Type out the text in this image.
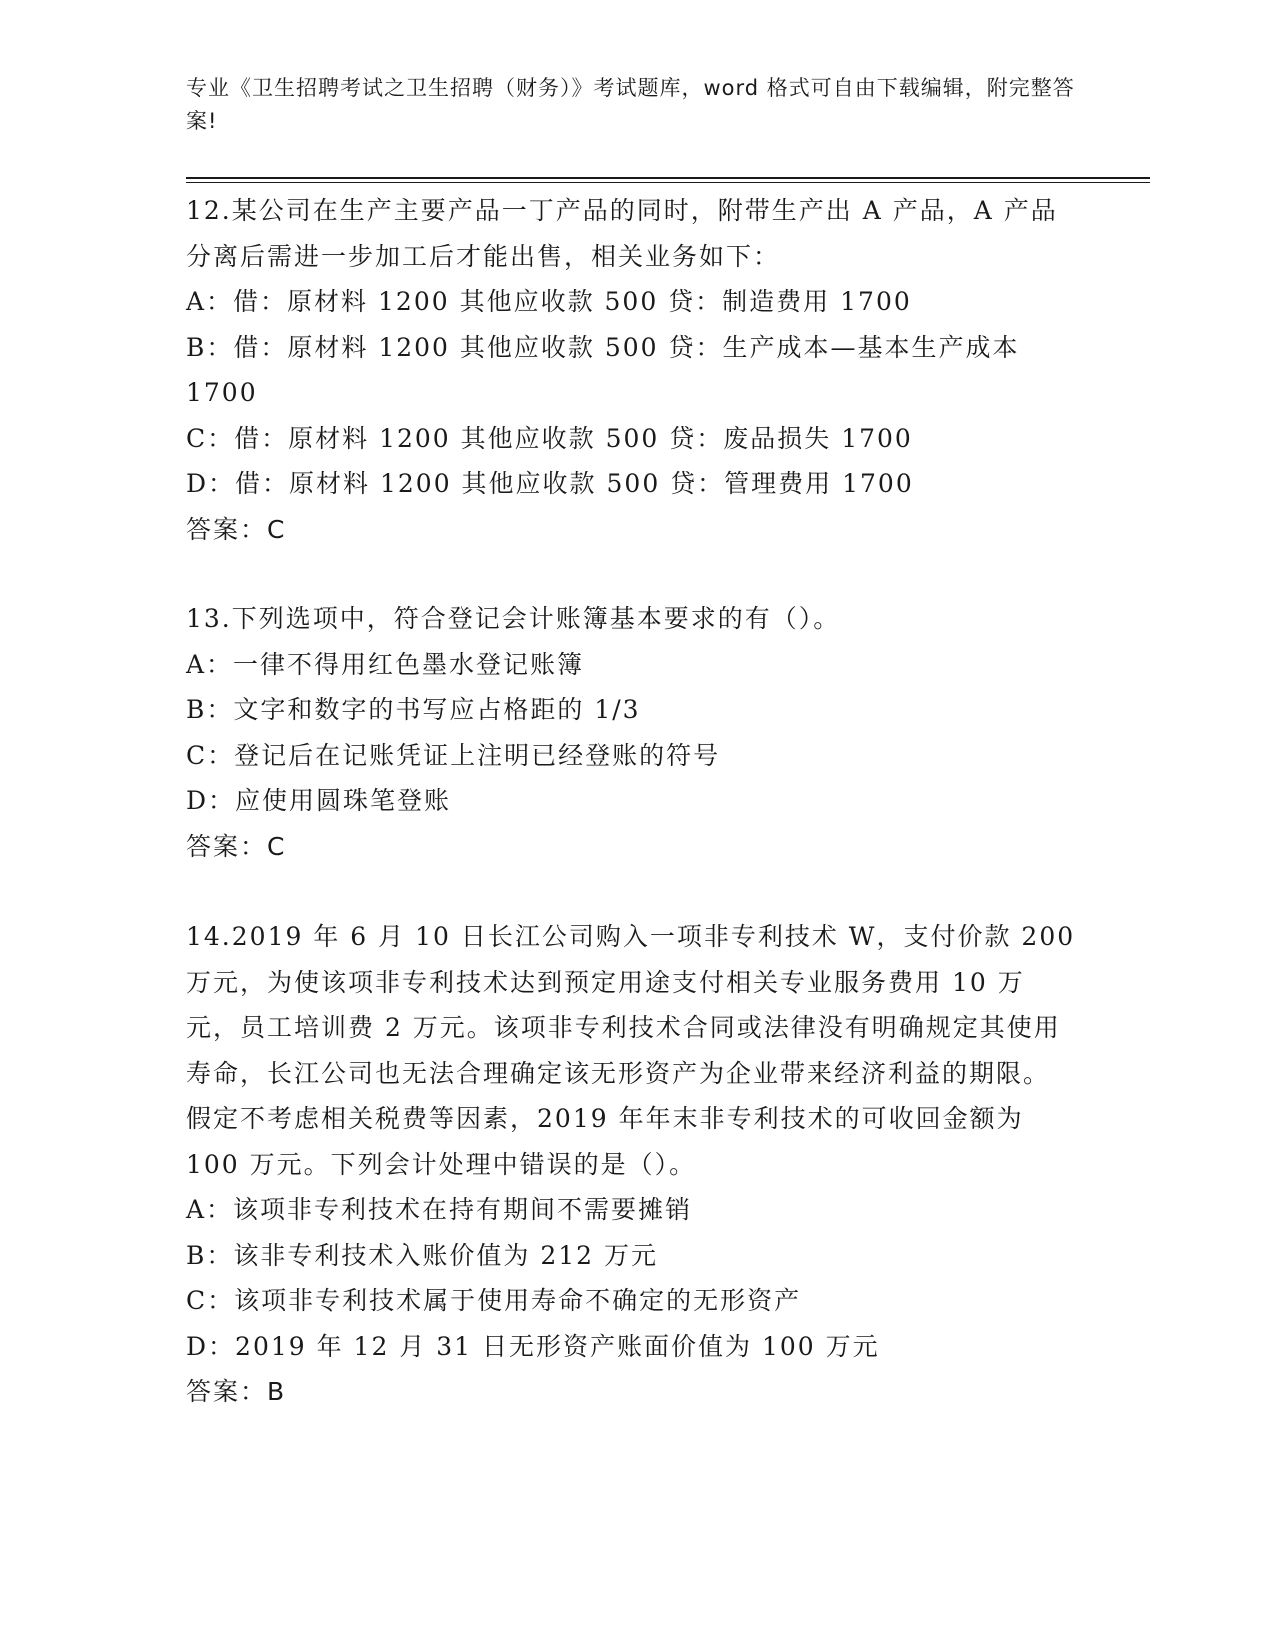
专业《卫生招聘考试之卫生招聘（财务）》考试题库，word 格式可自由下载编辑，附完整答案!

12.某公司在生产主要产品一丁产品的同时，附带生产出 A 产品，A 产品分离后需进一步加工后才能出售，相关业务如下：

A：借：原材料 1200 其他应收款 500 贷：制造费用 1700

B：借：原材料 1200 其他应收款 500 贷：生产成本—基本生产成本 1700

C：借：原材料 1200 其他应收款 500 贷：废品损失 1700

D：借：原材料 1200 其他应收款 500 贷：管理费用 1700

答案：C

13.下列选项中，符合登记会计账簿基本要求的有（）。

A：一律不得用红色墨水登记账簿

B：文字和数字的书写应占格距的 1/3

C：登记后在记账凭证上注明已经登账的符号

D：应使用圆珠笔登账

答案：C

14.2019 年 6 月 10 日长江公司购入一项非专利技术 W，支付价款 200 万元，为使该项非专利技术达到预定用途支付相关专业服务费用 10 万元，员工培训费 2 万元。该项非专利技术合同或法律没有明确规定其使用寿命，长江公司也无法合理确定该无形资产为企业带来经济利益的期限。假定不考虑相关税费等因素，2019 年年末非专利技术的可收回金额为 100 万元。下列会计处理中错误的是（）。

A：该项非专利技术在持有期间不需要摊销

B：该非专利技术入账价值为 212 万元

C：该项非专利技术属于使用寿命不确定的无形资产

D：2019 年 12 月 31 日无形资产账面价值为 100 万元

答案：B
